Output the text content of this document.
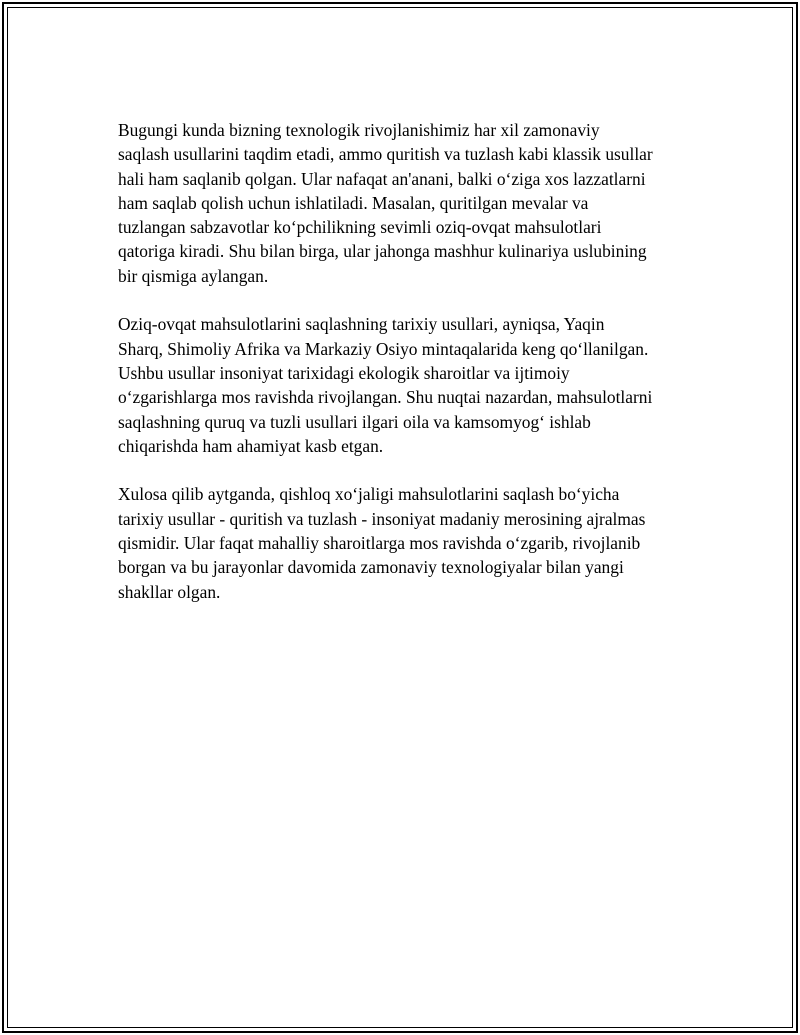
Bugungi kunda bizning texnologik rivojlanishimiz har xil zamonaviy
saqlash usullarini taqdim etadi, ammo quritish va tuzlash kabi klassik usullar
hali ham saqlanib qolgan. Ular nafaqat an'anani, balki o‘ziga xos lazzatlarni
ham saqlab qolish uchun ishlatiladi. Masalan, quritilgan mevalar va
tuzlangan sabzavotlar ko‘pchilikning sevimli oziq-ovqat mahsulotlari
qatoriga kiradi. Shu bilan birga, ular jahonga mashhur kulinariya uslubining
bir qismiga aylangan.

Oziq-ovqat mahsulotlarini saqlashning tarixiy usullari, ayniqsa, Yaqin
Sharq, Shimoliy Afrika va Markaziy Osiyo mintaqalarida keng qo‘llanilgan.
Ushbu usullar insoniyat tarixidagi ekologik sharoitlar va ijtimoiy
o‘zgarishlarga mos ravishda rivojlangan. Shu nuqtai nazardan, mahsulotlarni
saqlashning quruq va tuzli usullari ilgari oila va kamsomyog‘ ishlab
chiqarishda ham ahamiyat kasb etgan.

Xulosa qilib aytganda, qishloq xo‘jaligi mahsulotlarini saqlash bo‘yicha
tarixiy usullar - quritish va tuzlash - insoniyat madaniy merosining ajralmas
qismidir. Ular faqat mahalliy sharoitlarga mos ravishda o‘zgarib, rivojlanib
borgan va bu jarayonlar davomida zamonaviy texnologiyalar bilan yangi
shakllar olgan.
